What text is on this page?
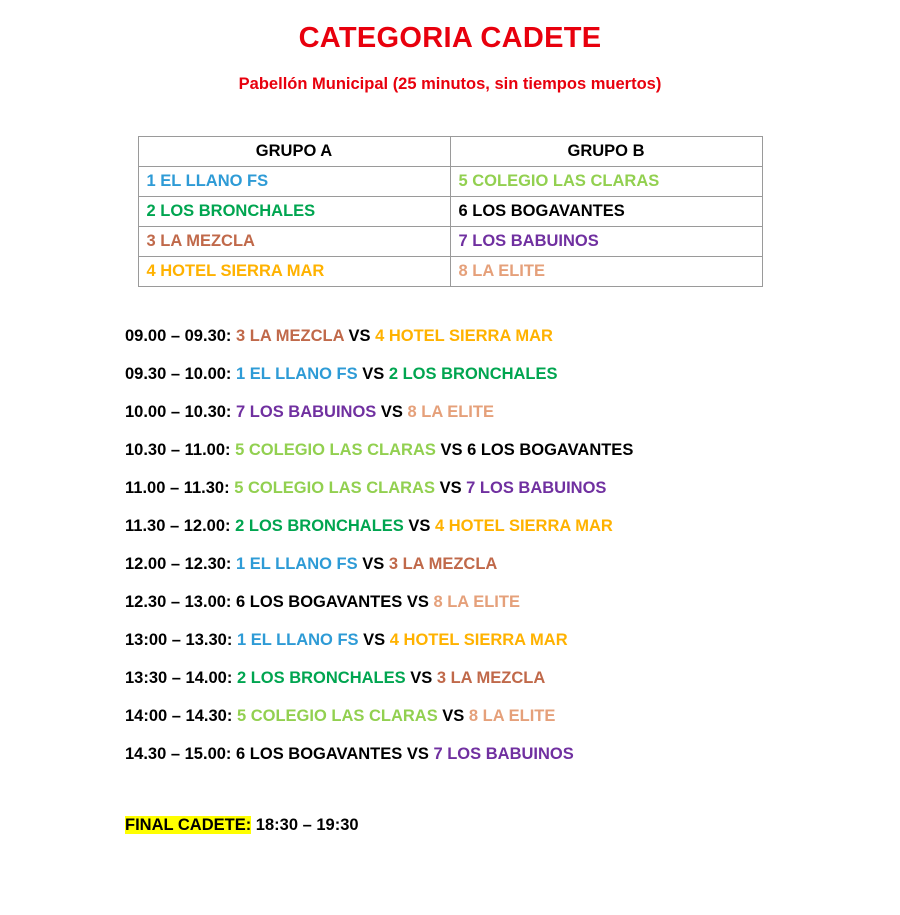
CATEGORIA CADETE
Pabellón Municipal (25 minutos, sin tiempos muertos)
GRUPO A	GRUPO B
1 EL LLANO FS	5 COLEGIO LAS CLARAS
2 LOS BRONCHALES	6 LOS BOGAVANTES
3 LA MEZCLA	7 LOS BABUINOS
4 HOTEL SIERRA MAR	8 LA ELITE
09.00 – 09.30: 3 LA MEZCLA VS 4 HOTEL SIERRA MAR
09.30 – 10.00: 1 EL LLANO FS VS 2 LOS BRONCHALES
10.00 – 10.30: 7 LOS BABUINOS VS 8 LA ELITE
10.30 – 11.00: 5 COLEGIO LAS CLARAS VS 6 LOS BOGAVANTES
11.00 – 11.30: 5 COLEGIO LAS CLARAS VS 7 LOS BABUINOS
11.30 – 12.00: 2 LOS BRONCHALES VS 4 HOTEL SIERRA MAR
12.00 – 12.30: 1 EL LLANO FS VS 3 LA MEZCLA
12.30 – 13.00: 6 LOS BOGAVANTES VS 8 LA ELITE
13:00 – 13.30: 1 EL LLANO FS VS 4 HOTEL SIERRA MAR
13:30 – 14.00: 2 LOS BRONCHALES VS 3 LA MEZCLA
14:00 – 14.30: 5 COLEGIO LAS CLARAS VS 8 LA ELITE
14.30 – 15.00: 6 LOS BOGAVANTES VS 7 LOS BABUINOS
FINAL CADETE: 18:30 – 19:30
